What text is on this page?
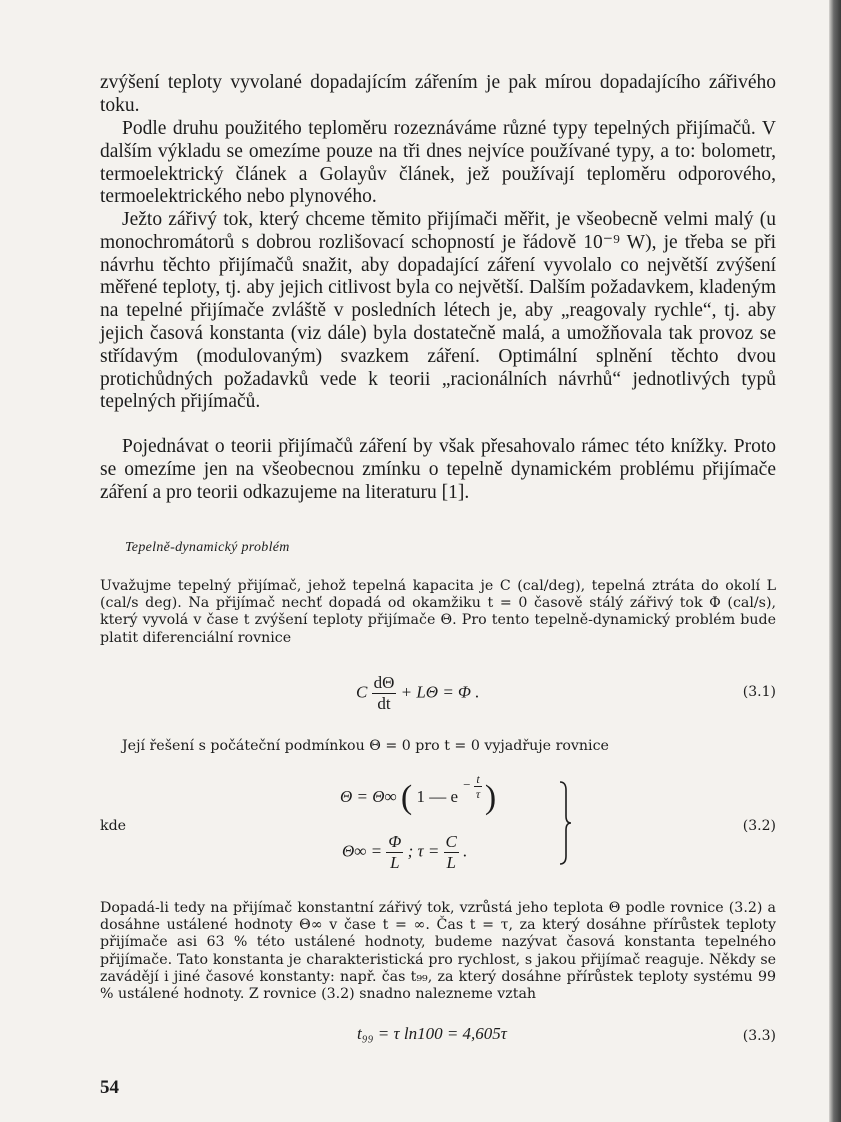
zvýšení teploty vyvolané dopadajícím zářením je pak mírou dopadajícího zářivého toku.
Podle druhu použitého teploměru rozeznáváme různé typy tepelných přijímačů. V dalším výkladu se omezíme pouze na tři dnes nejvíce používané typy, a to: bolometr, termoelektrický článek a Golayův článek, jež používají teploměru odporového, termoelektrického nebo plynového.
Ježto zářivý tok, který chceme těmito přijímači měřit, je všeobecně velmi malý (u monochromátorů s dobrou rozlišovací schopností je řádově 10⁻⁹ W), je třeba se při návrhu těchto přijímačů snažit, aby dopadající záření vyvolalo co největší zvýšení měřené teploty, tj. aby jejich citlivost byla co největší. Dalším požadavkem, kladeným na tepelné přijímače zvláště v posledních létech je, aby „reagovaly rychle“, tj. aby jejich časová konstanta (viz dále) byla dostatečně malá, a umožňovala tak provoz se střídavým (modulovaným) svazkem záření. Optimální splnění těchto dvou protichůdných požadavků vede k teorii „racionálních návrhů“ jednotlivých typů tepelných přijímačů.
Pojednávat o teorii přijímačů záření by však přesahovalo rámec této knížky. Proto se omezíme jen na všeobecnou zmínku o tepelně dynamickém problému přijímače záření a pro teorii odkazujeme na literaturu [1].
Tepelně-dynamický problém
Uvažujme tepelný přijímač, jehož tepelná kapacita je C (cal/deg), tepelná ztráta do okolí L (cal/s deg). Na přijímač nechť dopadá od okamžiku t = 0 časově stálý zářivý tok Φ (cal/s), který vyvolá v čase t zvýšení teploty přijímače Θ. Pro tento tepelně-dynamický problém bude platit diferenciální rovnice
C $\frac{d\Theta}{dt} + L\Theta = \Phi$ .	(3.1)
Její řešení s počáteční podmínkou Θ = 0 pro t = 0 vyjadřuje rovnice
kde
Θ = Θ∞ ( 1 — e $^{- \frac{t}{\tau}}$ )
$\Theta\infty = \frac{\Phi}{L}$ ; $\tau = \frac{C}{L}$ .
(3.2)
Dopadá-li tedy na přijímač konstantní zářivý tok, vzrůstá jeho teplota Θ podle rovnice (3.2) a dosáhne ustálené hodnoty Θ∞ v čase t = ∞. Čas t = τ, za který dosáhne přírůstek teploty přijímače asi 63 % této ustálené hodnoty, budeme nazývat časová konstanta tepelného přijímače. Tato konstanta je charakteristická pro rychlost, s jakou přijímač reaguje. Někdy se zavádějí i jiné časové konstanty: např. čas t₉₉, za který dosáhne přírůstek teploty systému 99 % ustálené hodnoty. Z rovnice (3.2) snadno nalezneme vztah
t₉₉ = τ ln100 = 4,605τ	(3.3)
54
